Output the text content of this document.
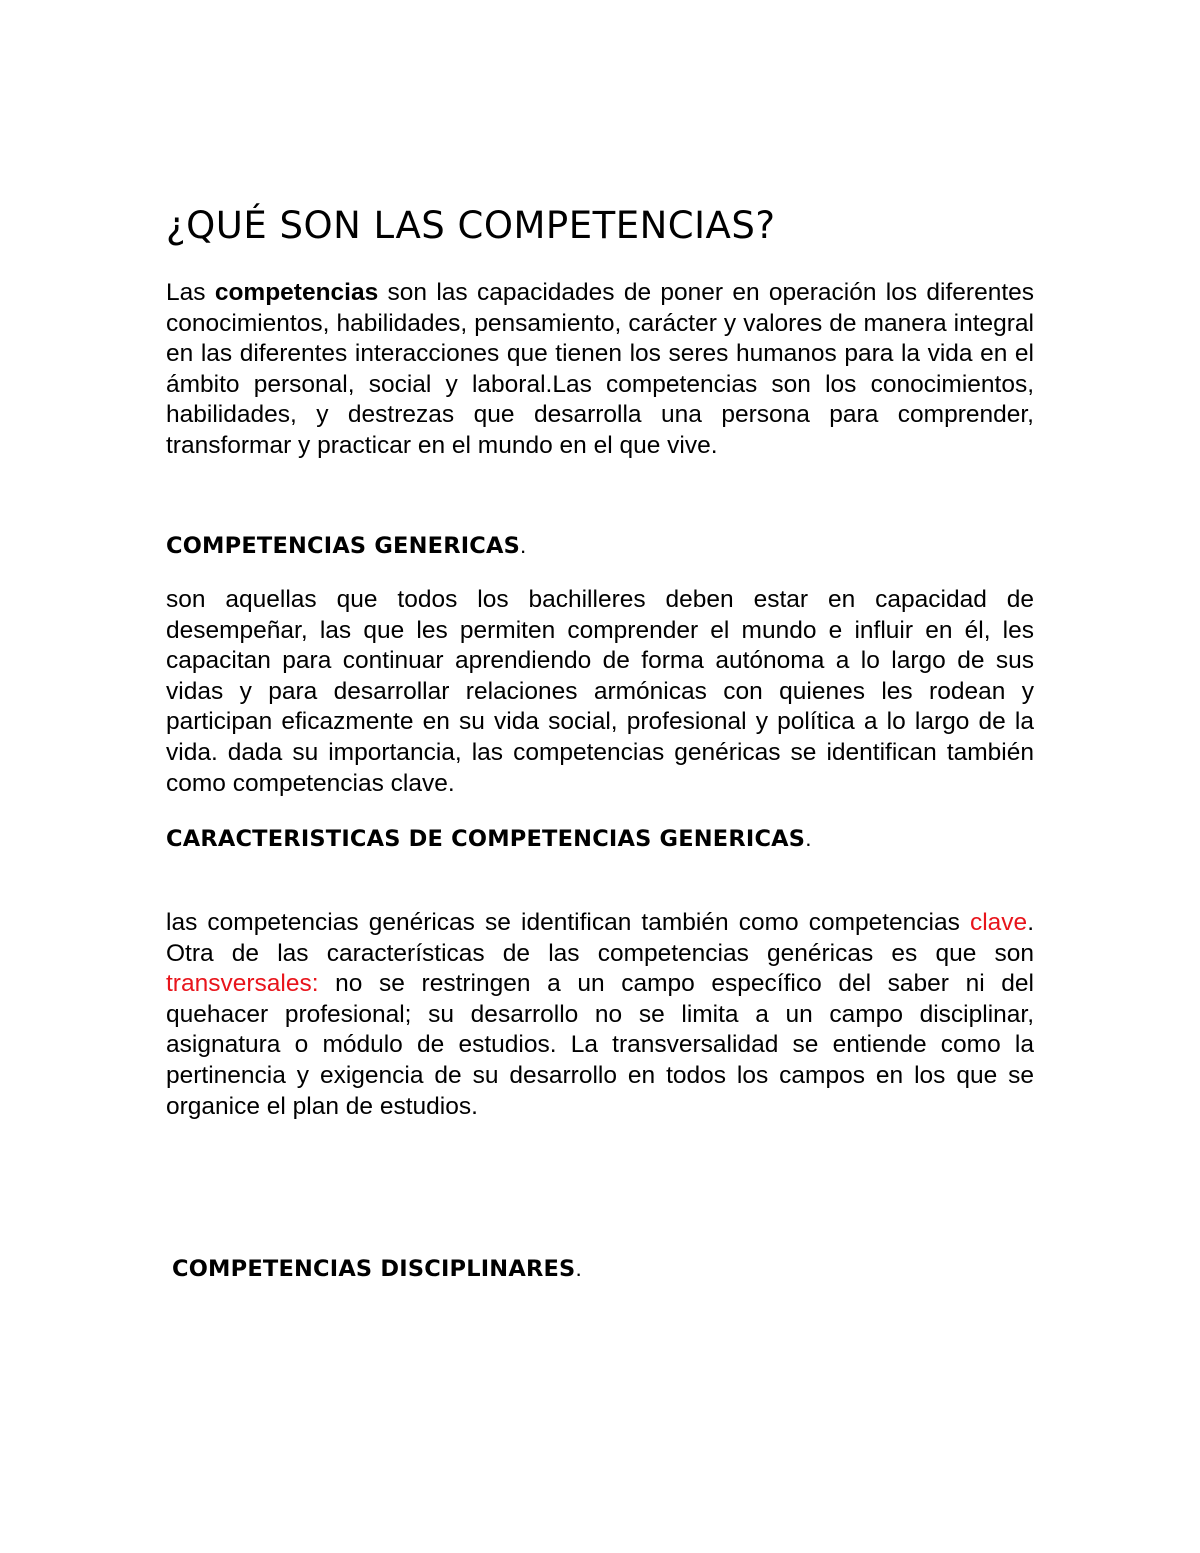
¿QUÉ SON LAS COMPETENCIAS?
Las competencias son las capacidades de poner en operación los diferentes conocimientos, habilidades, pensamiento, carácter y valores de manera integral en las diferentes interacciones que tienen los seres humanos para la vida en el ámbito personal, social y laboral.Las competencias son los conocimientos, habilidades, y destrezas que desarrolla una persona para comprender, transformar y practicar en el mundo en el que vive.
COMPETENCIAS GENERICAS.
son aquellas que todos los bachilleres deben estar en capacidad de desempeñar, las que les permiten comprender el mundo e influir en él, les capacitan para continuar aprendiendo de forma autónoma a lo largo de sus vidas y para desarrollar relaciones armónicas con quienes les rodean y participan eficazmente en su vida social, profesional y política a lo largo de la vida. dada su importancia, las competencias genéricas se identifican también como competencias clave.
CARACTERISTICAS DE COMPETENCIAS GENERICAS.
las competencias genéricas se identifican también como competencias clave. Otra de las características de las competencias genéricas es que son transversales: no se restringen a un campo específico del saber ni del quehacer profesional; su desarrollo no se limita a un campo disciplinar, asignatura o módulo de estudios. La transversalidad se entiende como la pertinencia y exigencia de su desarrollo en todos los campos en los que se organice el plan de estudios.
COMPETENCIAS DISCIPLINARES.
